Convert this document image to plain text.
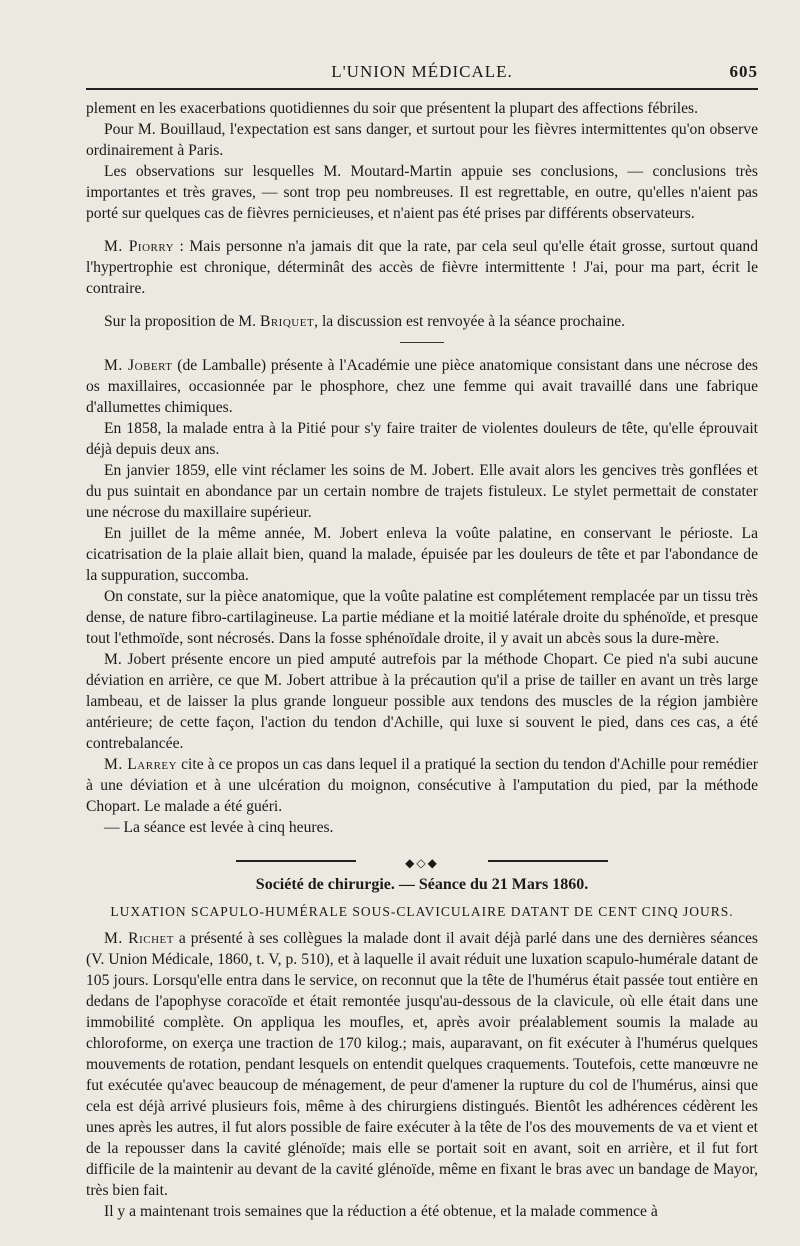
L'UNION MÉDICALE.	605

plement en les exacerbations quotidiennes du soir que présentent la plupart des affections fébriles.

Pour M. Bouillaud, l'expectation est sans danger, et surtout pour les fièvres intermittentes qu'on observe ordinairement à Paris.

Les observations sur lesquelles M. Moutard-Martin appuie ses conclusions, — conclusions très importantes et très graves, — sont trop peu nombreuses. Il est regrettable, en outre, qu'elles n'aient pas porté sur quelques cas de fièvres pernicieuses, et n'aient pas été prises par différents observateurs.

M. Piorry : Mais personne n'a jamais dit que la rate, par cela seul qu'elle était grosse, surtout quand l'hypertrophie est chronique, déterminât des accès de fièvre intermittente ! J'ai, pour ma part, écrit le contraire.

Sur la proposition de M. Briquet, la discussion est renvoyée à la séance prochaine.

M. Jobert (de Lamballe) présente à l'Académie une pièce anatomique consistant dans une nécrose des os maxillaires, occasionnée par le phosphore, chez une femme qui avait travaillé dans une fabrique d'allumettes chimiques.

En 1858, la malade entra à la Pitié pour s'y faire traiter de violentes douleurs de tête, qu'elle éprouvait déjà depuis deux ans.

En janvier 1859, elle vint réclamer les soins de M. Jobert. Elle avait alors les gencives très gonflées et du pus suintait en abondance par un certain nombre de trajets fistuleux. Le stylet permettait de constater une nécrose du maxillaire supérieur.

En juillet de la même année, M. Jobert enleva la voûte palatine, en conservant le périoste. La cicatrisation de la plaie allait bien, quand la malade, épuisée par les douleurs de tête et par l'abondance de la suppuration, succomba.

On constate, sur la pièce anatomique, que la voûte palatine est complétement remplacée par un tissu très dense, de nature fibro-cartilagineuse. La partie médiane et la moitié latérale droite du sphénoïde, et presque tout l'ethmoïde, sont nécrosés. Dans la fosse sphénoïdale droite, il y avait un abcès sous la dure-mère.

M. Jobert présente encore un pied amputé autrefois par la méthode Chopart. Ce pied n'a subi aucune déviation en arrière, ce que M. Jobert attribue à la précaution qu'il a prise de tailler en avant un très large lambeau, et de laisser la plus grande longueur possible aux tendons des muscles de la région jambière antérieure; de cette façon, l'action du tendon d'Achille, qui luxe si souvent le pied, dans ces cas, a été contrebalancée.

M. Larrey cite à ce propos un cas dans lequel il a pratiqué la section du tendon d'Achille pour remédier à une déviation et à une ulcération du moignon, consécutive à l'amputation du pied, par la méthode Chopart. Le malade a été guéri.

— La séance est levée à cinq heures.

◆◇◆
Société de chirurgie. — Séance du 21 Mars 1860.
LUXATION SCAPULO-HUMÉRALE SOUS-CLAVICULAIRE DATANT DE CENT CINQ JOURS.

M. Richet a présenté à ses collègues la malade dont il avait déjà parlé dans une des dernières séances (V. Union Médicale, 1860, t. V, p. 510), et à laquelle il avait réduit une luxation scapulo-humérale datant de 105 jours. Lorsqu'elle entra dans le service, on reconnut que la tête de l'humérus était passée tout entière en dedans de l'apophyse coracoïde et était remontée jusqu'au-dessous de la clavicule, où elle était dans une immobilité complète. On appliqua les moufles, et, après avoir préalablement soumis la malade au chloroforme, on exerça une traction de 170 kilog.; mais, auparavant, on fit exécuter à l'humérus quelques mouvements de rotation, pendant lesquels on entendit quelques craquements. Toutefois, cette manœuvre ne fut exécutée qu'avec beaucoup de ménagement, de peur d'amener la rupture du col de l'humérus, ainsi que cela est déjà arrivé plusieurs fois, même à des chirurgiens distingués. Bientôt les adhérences cédèrent les unes après les autres, il fut alors possible de faire exécuter à la tête de l'os des mouvements de va et vient et de la repousser dans la cavité glénoïde; mais elle se portait soit en avant, soit en arrière, et il fut fort difficile de la maintenir au devant de la cavité glénoïde, même en fixant le bras avec un bandage de Mayor, très bien fait.

Il y a maintenant trois semaines que la réduction a été obtenue, et la malade commence à
